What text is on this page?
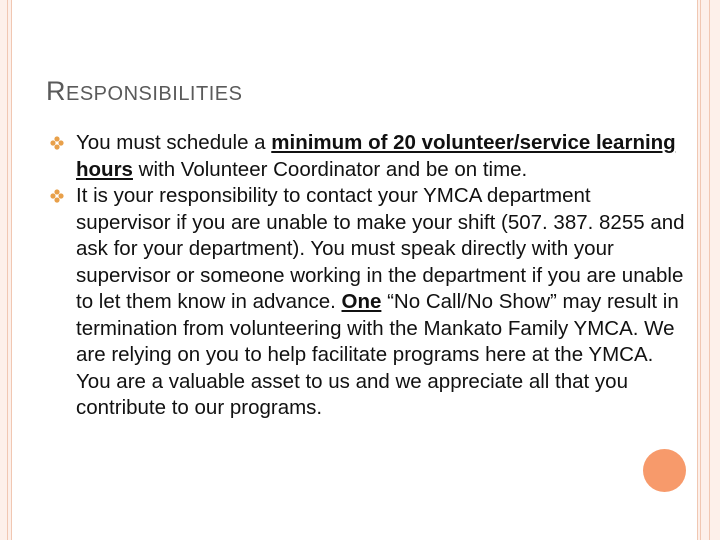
RESPONSIBILITIES
You must schedule a minimum of 20 volunteer/service learning hours with Volunteer Coordinator and be on time.
It is your responsibility to contact your YMCA department supervisor if you are unable to make your shift (507. 387. 8255 and ask for your department). You must speak directly with your supervisor or someone working in the department if you are unable to let them know in advance. One “No Call/No Show” may result in termination from volunteering with the Mankato Family YMCA. We are relying on you to help facilitate programs here at the YMCA. You are a valuable asset to us and we appreciate all that you contribute to our programs.
